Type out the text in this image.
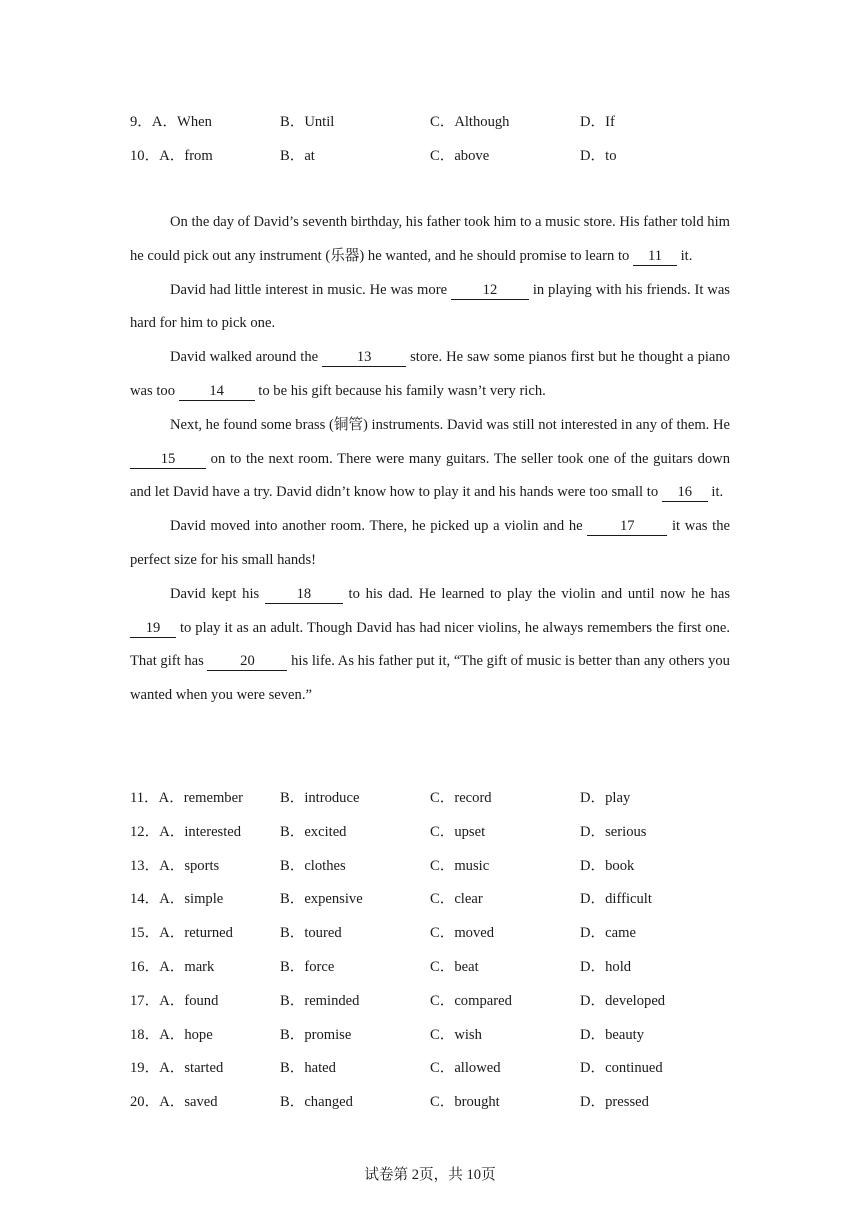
9．A．When	B．Until	C．Although	D．If
10．A．from	B．at	C．above	D．to

On the day of David’s seventh birthday, his father took him to a music store. His father told him he could pick out any instrument (乐器) he wanted, and he should promise to learn to 11 it.

David had little interest in music. He was more 12 in playing with his friends. It was hard for him to pick one.

David walked around the 13 store. He saw some pianos first but he thought a piano was too 14 to be his gift because his family wasn’t very rich.

Next, he found some brass (铜管) instruments. David was still not interested in any of them. He 15 on to the next room. There were many guitars. The seller took one of the guitars down and let David have a try. David didn’t know how to play it and his hands were too small to 16 it.

David moved into another room. There, he picked up a violin and he 17 it was the perfect size for his small hands!

David kept his 18 to his dad. He learned to play the violin and until now he has 19 to play it as an adult. Though David has had nicer violins, he always remembers the first one. That gift has 20 his life. As his father put it, “The gift of music is better than any others you wanted when you were seven.”

11．A．remember	B．introduce	C．record	D．play
12．A．interested	B．excited	C．upset	D．serious
13．A．sports	B．clothes	C．music	D．book
14．A．simple	B．expensive	C．clear	D．difficult
15．A．returned	B．toured	C．moved	D．came
16．A．mark	B．force	C．beat	D．hold
17．A．found	B．reminded	C．compared	D．developed
18．A．hope	B．promise	C．wish	D．beauty
19．A．started	B．hated	C．allowed	D．continued
20．A．saved	B．changed	C．brought	D．pressed
试卷第 2页，共 10页
